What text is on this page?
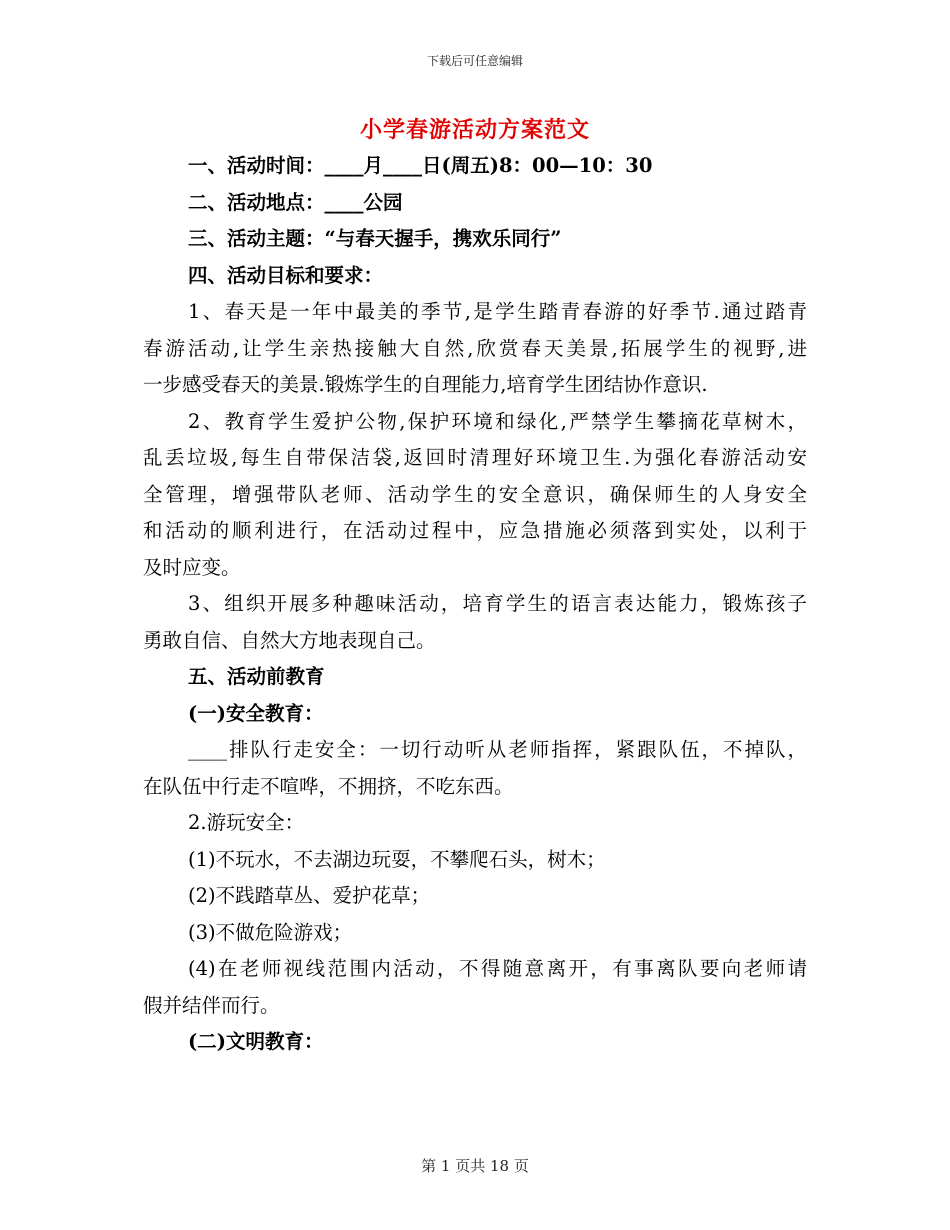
下载后可任意编辑
小学春游活动方案范文
一、活动时间：____月____日(周五)8：00—10：30
二、活动地点：____公园
三、活动主题：“与春天握手，携欢乐同行”
四、活动目标和要求：
1、春天是一年中最美的季节,是学生踏青春游的好季节.通过踏青
春游活动,让学生亲热接触大自然,欣赏春天美景,拓展学生的视野,进
一步感受春天的美景.锻炼学生的自理能力,培育学生团结协作意识.
2、教育学生爱护公物,保护环境和绿化,严禁学生攀摘花草树木，
乱丢垃圾,每生自带保洁袋,返回时清理好环境卫生.为强化春游活动安
全管理，增强带队老师、活动学生的安全意识，确保师生的人身安全
和活动的顺利进行，在活动过程中，应急措施必须落到实处，以利于
及时应变。
3、组织开展多种趣味活动，培育学生的语言表达能力，锻炼孩子
勇敢自信、自然大方地表现自己。
五、活动前教育
(一)安全教育：
____排队行走安全：一切行动听从老师指挥，紧跟队伍，不掉队，
在队伍中行走不喧哗，不拥挤，不吃东西。
2.游玩安全：
(1)不玩水，不去湖边玩耍，不攀爬石头，树木；
(2)不践踏草丛、爱护花草；
(3)不做危险游戏；
(4)在老师视线范围内活动，不得随意离开，有事离队要向老师请
假并结伴而行。
(二)文明教育：
第 1 页共 18 页
